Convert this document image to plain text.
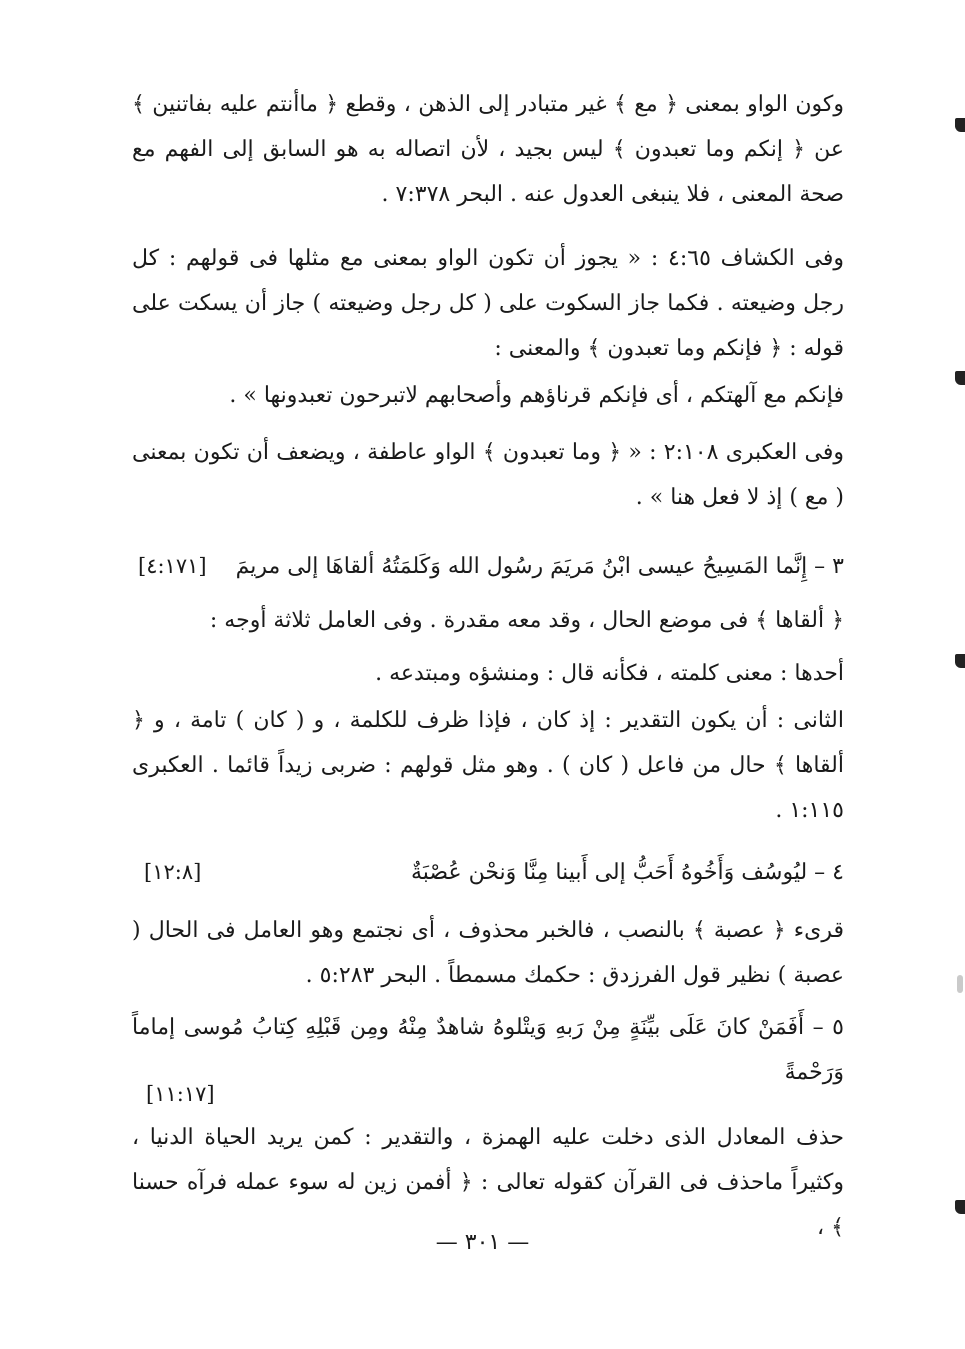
وكون الواو بمعنى ﴿ مع ﴾ غير متبادر إلى الذهن ، وقطع ﴿ ماأنتم عليه بفاتنين ﴾ عن ﴿ إنكم وما تعبدون ﴾ ليس بجيد ، لأن اتصاله به هو السابق إلى الفهم مع صحة المعنى ، فلا ينبغى العدول عنه . البحر ٧:٣٧٨ .
وفى الكشاف ٤:٦٥ : « يجوز أن تكون الواو بمعنى مع مثلها فى قولهم : كل رجل وضيعته . فكما جاز السكوت على ( كل رجل وضيعته ) جاز أن يسكت على قوله : ﴿ فإنكم وما تعبدون ﴾ والمعنى :
فإنكم مع آلهتكم ، أى فإنكم قرناؤهم وأصحابهم لاتبرحون تعبدونها » .
وفى العكبرى ٢:١٠٨ : « ﴿ وما تعبدون ﴾ الواو عاطفة ، ويضعف أن تكون بمعنى ( مع ) إذ لا فعل هنا » .
٣ – إِنَّما المَسِيحُ عيسى ابْنُ مَريَمَ رسُول الله وَكَلمَتُهُ ألقاهَا إلى مريمَ
[٤:١٧١]
﴿ ألقاها ﴾ فى موضع الحال ، وقد معه مقدرة . وفى العامل ثلاثة أوجه :
أحدها : معنى كلمته ، فكأنه قال : ومنشؤه ومبتدعه .
الثانى : أن يكون التقدير : إذ كان ، فإذا ظرف للكلمة ، و ( كان ) تامة ، و ﴿ ألقاها ﴾ حال من فاعل ( كان ) . وهو مثل قولهم : ضربى زيداً قائما . العكبرى ١:١١٥ .
٤ – ليُوسُف وَأَخُوهُ أَحَبُّ إلى أَبينا مِنَّا وَنحْن عُصْبَةٌ
[١٢:٨]
قرىء ﴿ عصبة ﴾ بالنصب ، فالخبر محذوف ، أى نجتمع وهو العامل فى الحال ( عصبة ) نظير قول الفرزدق : حكمك مسمطاً . البحر ٥:٢٨٣ .
٥ – أَفَمَنْ كانَ عَلَى بيِّنَةٍ مِنْ رَبهِ وَيتْلوهُ شاهدٌ مِنْهُ ومِن قَبْلِهِ كِتابُ مُوسى إماماً وَرَحْمةً
[١١:١٧]
حذف المعادل الذى دخلت عليه الهمزة ، والتقدير : كمن يريد الحياة الدنيا ، وكثيراً ماحذف فى القرآن كقوله تعالى : ﴿ أفمن زين له سوء عمله فرآه حسنا ﴾ ،
— ٣٠١ —
